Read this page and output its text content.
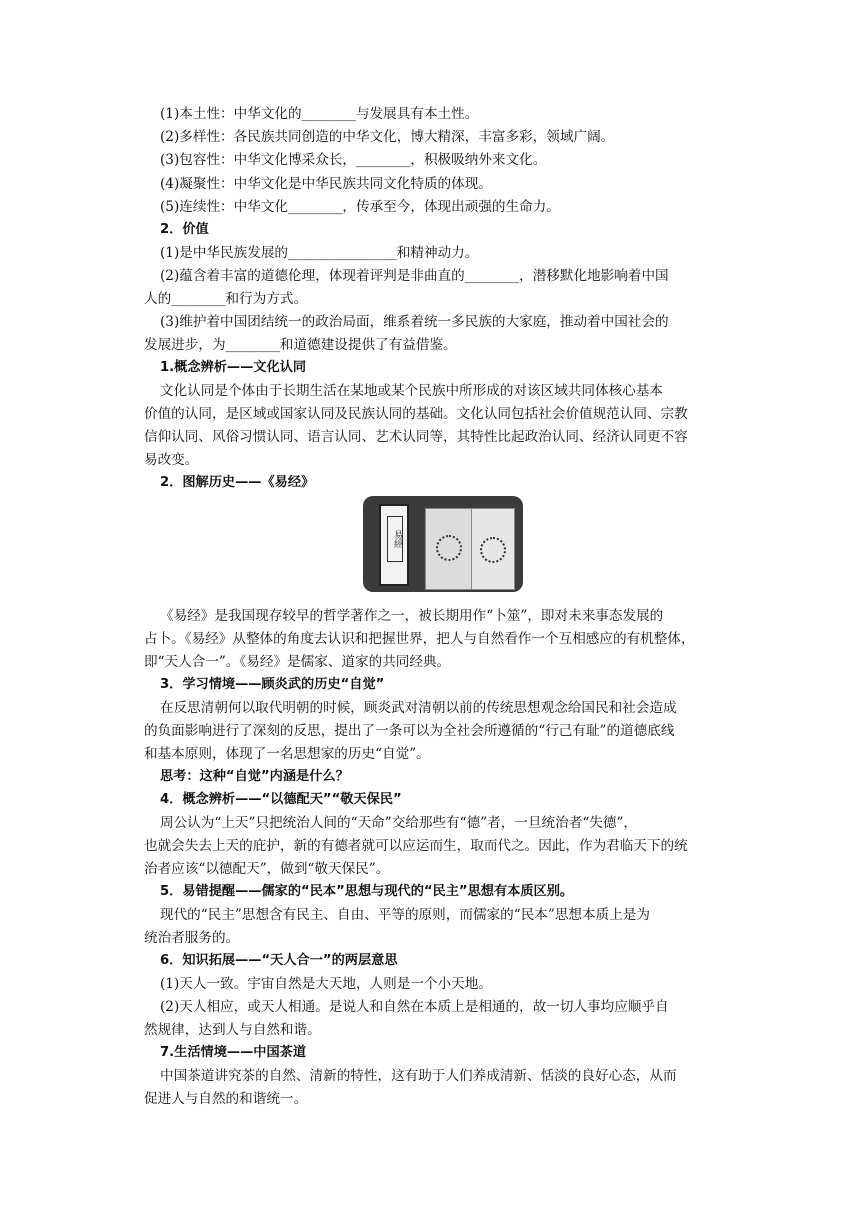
(1)本土性：中华文化的________与发展具有本土性。
(2)多样性：各民族共同创造的中华文化，博大精深，丰富多彩，领域广阔。
(3)包容性：中华文化博采众长，________，积极吸纳外来文化。
(4)凝聚性：中华文化是中华民族共同文化特质的体现。
(5)连续性：中华文化________，传承至今，体现出顽强的生命力。
2．价值
(1)是中华民族发展的________________和精神动力。
(2)蕴含着丰富的道德伦理，体现着评判是非曲直的________，潜移默化地影响着中国
人的________和行为方式。
(3)维护着中国团结统一的政治局面，维系着统一多民族的大家庭，推动着中国社会的
发展进步，为________和道德建设提供了有益借鉴。
1.概念辨析——文化认同
文化认同是个体由于长期生活在某地或某个民族中所形成的对该区域共同体核心基本
价值的认同，是区域或国家认同及民族认同的基础。文化认同包括社会价值规范认同、宗教
信仰认同、风俗习惯认同、语言认同、艺术认同等，其特性比起政治认同、经济认同更不容
易改变。
2．图解历史——《易经》
易經
《易经》是我国现存较早的哲学著作之一，被长期用作“卜筮”，即对未来事态发展的
占卜。《易经》从整体的角度去认识和把握世界，把人与自然看作一个互相感应的有机整体，
即“天人合一”。《易经》是儒家、道家的共同经典。
3．学习情境——顾炎武的历史“自觉”
在反思清朝何以取代明朝的时候，顾炎武对清朝以前的传统思想观念给国民和社会造成
的负面影响进行了深刻的反思，提出了一条可以为全社会所遵循的“行己有耻”的道德底线
和基本原则，体现了一名思想家的历史“自觉”。
思考：这种“自觉”内涵是什么？
4．概念辨析——“以德配天”“敬天保民”
周公认为“上天”只把统治人间的“天命”交给那些有“德”者，一旦统治者“失德”，
也就会失去上天的庇护，新的有德者就可以应运而生，取而代之。因此，作为君临天下的统
治者应该“以德配天”，做到“敬天保民”。
5．易错提醒——儒家的“民本”思想与现代的“民主”思想有本质区别。
现代的“民主”思想含有民主、自由、平等的原则，而儒家的“民本”思想本质上是为
统治者服务的。
6．知识拓展——“天人合一”的两层意思
(1)天人一致。宇宙自然是大天地，人则是一个小天地。
(2)天人相应，或天人相通。是说人和自然在本质上是相通的，故一切人事均应顺乎自
然规律，达到人与自然和谐。
7.生活情境——中国茶道
中国茶道讲究茶的自然、清新的特性，这有助于人们养成清新、恬淡的良好心态，从而
促进人与自然的和谐统一。
